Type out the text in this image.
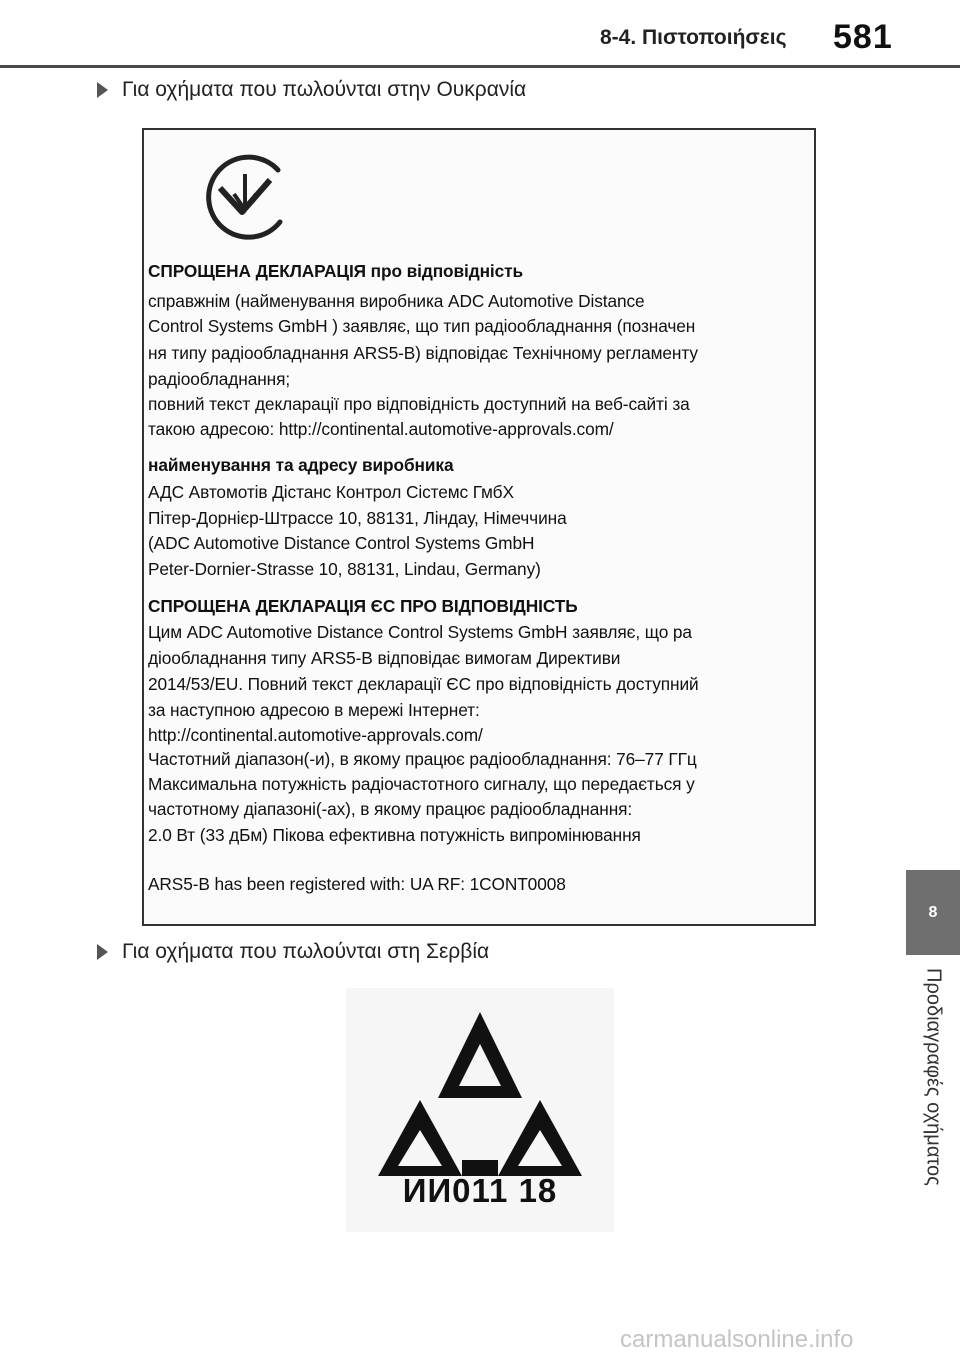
8-4. Πιστοποιήσεις 581
Για οχήματα που πωλούνται στην Ουκρανία
СПРОЩЕНА ДЕКЛАРАЦІЯ про відповідність
справжнім (найменування виробника ADC Automotive Distance
Control Systems GmbH ) заявляє, що тип радіообладнання (позначен
ня типу радіообладнання ARS5-B) відповідає Технічному регламенту
радіообладнання;
повний текст декларації про відповідність доступний на веб-сайті за
такою адресою: http://continental.automotive-approvals.com/
найменування та адресу виробника
АДС Автомотів Дістанс Контрол Сістемс ГмбХ
Пітер-Дорнієр-Штрассе 10, 88131, Ліндау, Німеччина
(ADC Automotive Distance Control Systems GmbH
Peter-Dornier-Strasse 10, 88131, Lindau, Germany)
СПРОЩЕНА ДЕКЛАРАЦІЯ ЄС ПРО ВІДПОВІДНІСТЬ
Цим ADC Automotive Distance Control Systems GmbH заявляє, що ра
діообладнання типу ARS5-B відповідає вимогам Директиви
2014/53/EU. Повний текст декларації ЄС про відповідність доступний
за наступною адресою в мережі Інтернет:
http://continental.automotive-approvals.com/
Частотний діапазон(-и), в якому працює радіообладнання: 76–77 ГГц
Максимальна потужність радіочастотного сигналу, що передається у
частотному діапазоні(-ах), в якому працює радіообладнання:
2.0 Вт (33 дБм) Пікова ефективна потужність випромінювання
ARS5-B has been registered with: UA RF: 1CONT0008
Για οχήματα που πωλούνται στη Σερβία
ИИ011 18
8
Προδιαγραφές οχήματος
carmanualsonline.info
